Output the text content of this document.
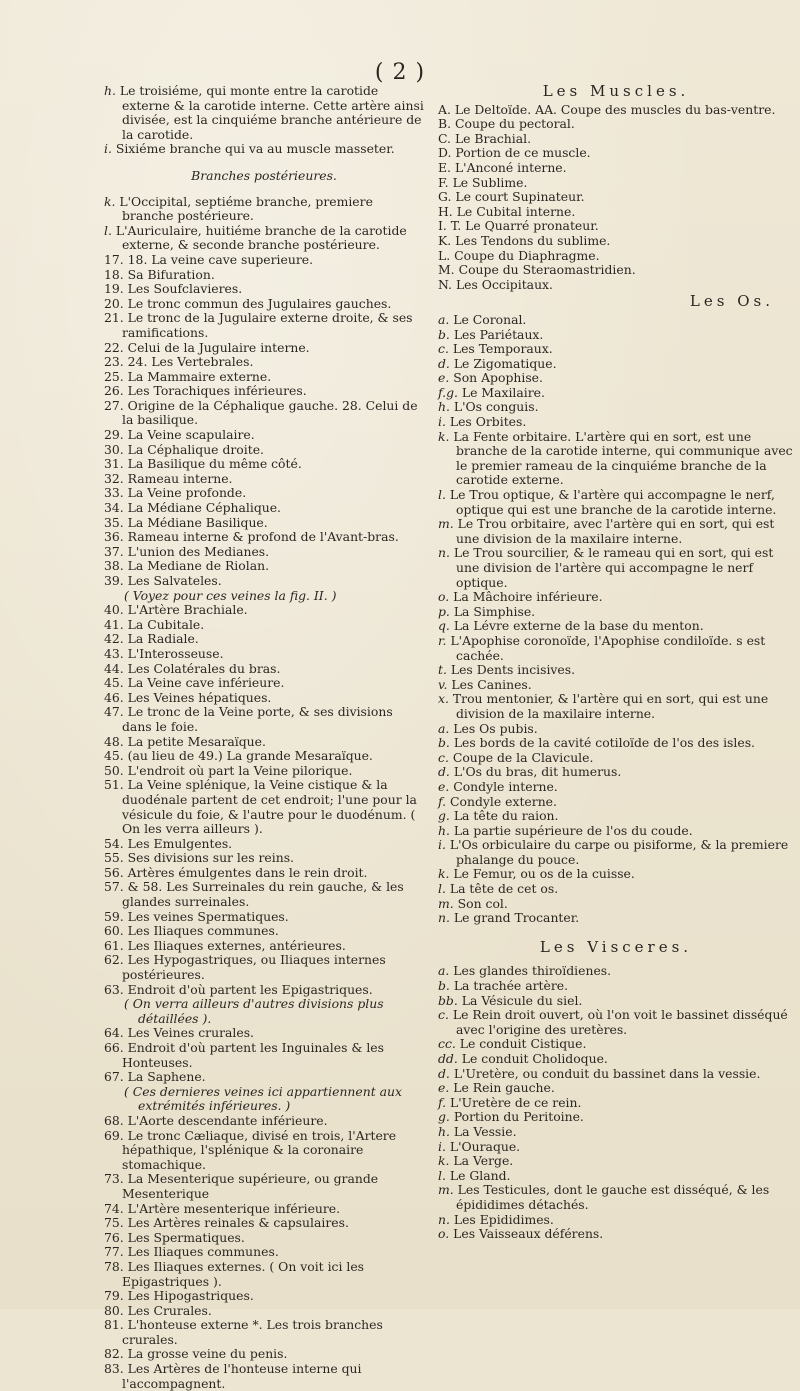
( 2 )

h. Le troisiéme, qui monte entre la carotide externe & la carotide interne. Cette artère ainsi divisée, est la cinquiéme branche antérieure de la carotide.

i. Sixiéme branche qui va au muscle masseter.

Branches postérieures.

k. L'Occipital, septiéme branche, premiere branche postérieure.

l. L'Auriculaire, huitiéme branche de la carotide externe, & seconde branche postérieure.

17. 18. La veine cave superieure.

18. Sa Bifuration.

19. Les Soufclavieres.

20. Le tronc commun des Jugulaires gauches.

21. Le tronc de la Jugulaire externe droite, & ses ramifications.

22. Celui de la Jugulaire interne.

23. 24. Les Vertebrales.

25. La Mammaire externe.

26. Les Torachiques inférieures.

27. Origine de la Céphalique gauche. 28. Celui de la basilique.

29. La Veine scapulaire.

30. La Céphalique droite.

31. La Basilique du même côté.

32. Rameau interne.

33. La Veine profonde.

34. La Médiane Céphalique.

35. La Médiane Basilique.

36. Rameau interne & profond de l'Avant-bras.

37. L'union des Medianes.

38. La Mediane de Riolan.

39. Les Salvateles.

( Voyez pour ces veines la fig. II. )

40. L'Artère Brachiale.

41. La Cubitale.

42. La Radiale.

43. L'Interosseuse.

44. Les Colatérales du bras.

45. La Veine cave inférieure.

46. Les Veines hépatiques.

47. Le tronc de la Veine porte, & ses divisions dans le foie.

48. La petite Mesaraïque.

45. (au lieu de 49.) La grande Mesaraïque.

50. L'endroit où part la Veine pilorique.

51. La Veine splénique, la Veine cistique & la duodénale partent de cet endroit; l'une pour la vésicule du foie, & l'autre pour le duodénum. ( On les verra ailleurs ).

54. Les Emulgentes.

55. Ses divisions sur les reins.

56. Artères émulgentes dans le rein droit.

57. & 58. Les Surreinales du rein gauche, & les glandes surreinales.

59. Les veines Spermatiques.

60. Les Iliaques communes.

61. Les Iliaques externes, antérieures.

62. Les Hypogastriques, ou Iliaques internes postérieures.

63. Endroit d'où partent les Epigastriques.

( On verra ailleurs d'autres divisions plus détaillées ).

64. Les Veines crurales.

66. Endroit d'où partent les Inguinales & les Honteuses.

67. La Saphene.

( Ces dernieres veines ici appartiennent aux extrémités inférieures. )

68. L'Aorte descendante inférieure.

69. Le tronc Cæliaque, divisé en trois, l'Artere hépathique, l'splénique & la coronaire stomachique.

73. La Mesenterique supérieure, ou grande Mesenterique

74. L'Artère mesenterique inférieure.

75. Les Artères reinales & capsulaires.

76. Les Spermatiques.

77. Les Iliaques communes.

78. Les Iliaques externes. ( On voit ici les Epigastriques ).

79. Les Hipogastriques.

80. Les Crurales.

81. L'honteuse externe *. Les trois branches crurales.

82. La grosse veine du penis.

83. Les Artères de l'honteuse interne qui l'accompagnent.

Les Muscles.

A. Le Deltoïde. AA. Coupe des muscles du bas-ventre.

B. Coupe du pectoral.

C. Le Brachial.

D. Portion de ce muscle.

E. L'Anconé interne.

F. Le Sublime.

G. Le court Supinateur.

H. Le Cubital interne.

I. T. Le Quarré pronateur.

K. Les Tendons du sublime.

L. Coupe du Diaphragme.

M. Coupe du Steraomastridien.

N. Les Occipitaux.

Les Os.

a. Le Coronal.

b. Les Pariétaux.

c. Les Temporaux.

d. Le Zigomatique.

e. Son Apophise.

f.g. Le Maxilaire.

h. L'Os conguis.

i. Les Orbites.

k. La Fente orbitaire. L'artère qui en sort, est une branche de la carotide interne, qui communique avec le premier rameau de la cinquiéme branche de la carotide externe.

l. Le Trou optique, & l'artère qui accompagne le nerf, optique qui est une branche de la carotide interne.

m. Le Trou orbitaire, avec l'artère qui en sort, qui est une division de la maxilaire interne.

n. Le Trou sourcilier, & le rameau qui en sort, qui est une division de l'artère qui accompagne le nerf optique.

o. La Mâchoire inférieure.

p. La Simphise.

q. La Lévre externe de la base du menton.

r. L'Apophise coronoïde, l'Apophise condiloïde. s est cachée.

t. Les Dents incisives.

v. Les Canines.

x. Trou mentonier, & l'artère qui en sort, qui est une division de la maxilaire interne.

a. Les Os pubis.

b. Les bords de la cavité cotiloïde de l'os des isles.

c. Coupe de la Clavicule.

d. L'Os du bras, dit humerus.

e. Condyle interne.

f. Condyle externe.

g. La tête du raion.

h. La partie supérieure de l'os du coude.

i. L'Os orbiculaire du carpe ou pisiforme, & la premiere phalange du pouce.

k. Le Femur, ou os de la cuisse.

l. La tête de cet os.

m. Son col.

n. Le grand Trocanter.

Les Visceres.

a. Les glandes thiroïdienes.

b. La trachée artère.

bb. La Vésicule du siel.

c. Le Rein droit ouvert, où l'on voit le bassinet disséqué avec l'origine des uretères.

cc. Le conduit Cistique.

dd. Le conduit Cholidoque.

d. L'Uretère, ou conduit du bassinet dans la vessie.

e. Le Rein gauche.

f. L'Uretère de ce rein.

g. Portion du Peritoine.

h. La Vessie.

i. L'Ouraque.

k. La Verge.

l. Le Gland.

m. Les Testicules, dont le gauche est disséqué, & les épididimes détachés.

n. Les Epididimes.

o. Les Vaisseaux déférens.
